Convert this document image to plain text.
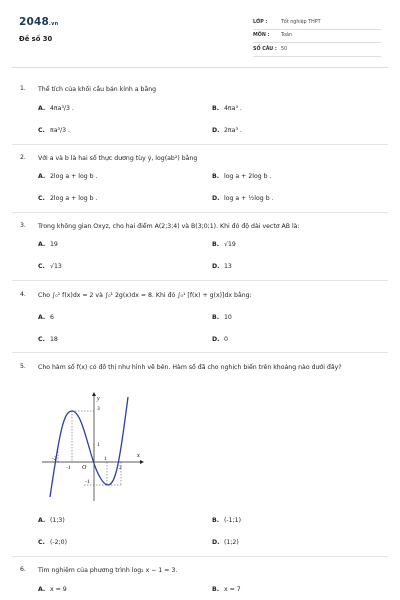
2048.vn
Đề số 30
LỚP :	Tốt nghiệp THPT
MÔN :	Toán
SỐ CÂU : 50
1. Thể tích của khối cầu bán kính a bằng
A. 4πa³/3 .	B. 4πa³ .
C. πa³/3 .	D. 2πa³ .
2. Với a và b là hai số thực dương tùy ý, log(ab²) bằng
A. 2log a + log b .	B. log a + 2log b .
C. 2log a + log b .	D. log a + ½log b .
3. Trong không gian Oxyz, cho hai điểm A(2;3;4) và B(3;0;1). Khi đó độ dài vectơ AB là:
A. 19	B. √19
C. √13	D. 13
4. Cho ∫₀¹ f(x)dx = 2 và ∫₀¹ 2g(x)dx = 8. Khi đó ∫₀¹ [f(x) + g(x)]dx bằng:
A. 6	B. 10
C. 18	D. 0
5. Cho hàm số f(x) có đồ thị như hình vẽ bên. Hàm số đã cho nghịch biến trên khoảng nào dưới đây?
A. (1;3)	B. (-1;1)
C. (-2;0)	D. (1;2)
y
x
O
-2
-1
1
2
3
1
-1
6. Tìm nghiệm của phương trình log₂ x − 1 = 3.
A. x = 9	B. x = 7
